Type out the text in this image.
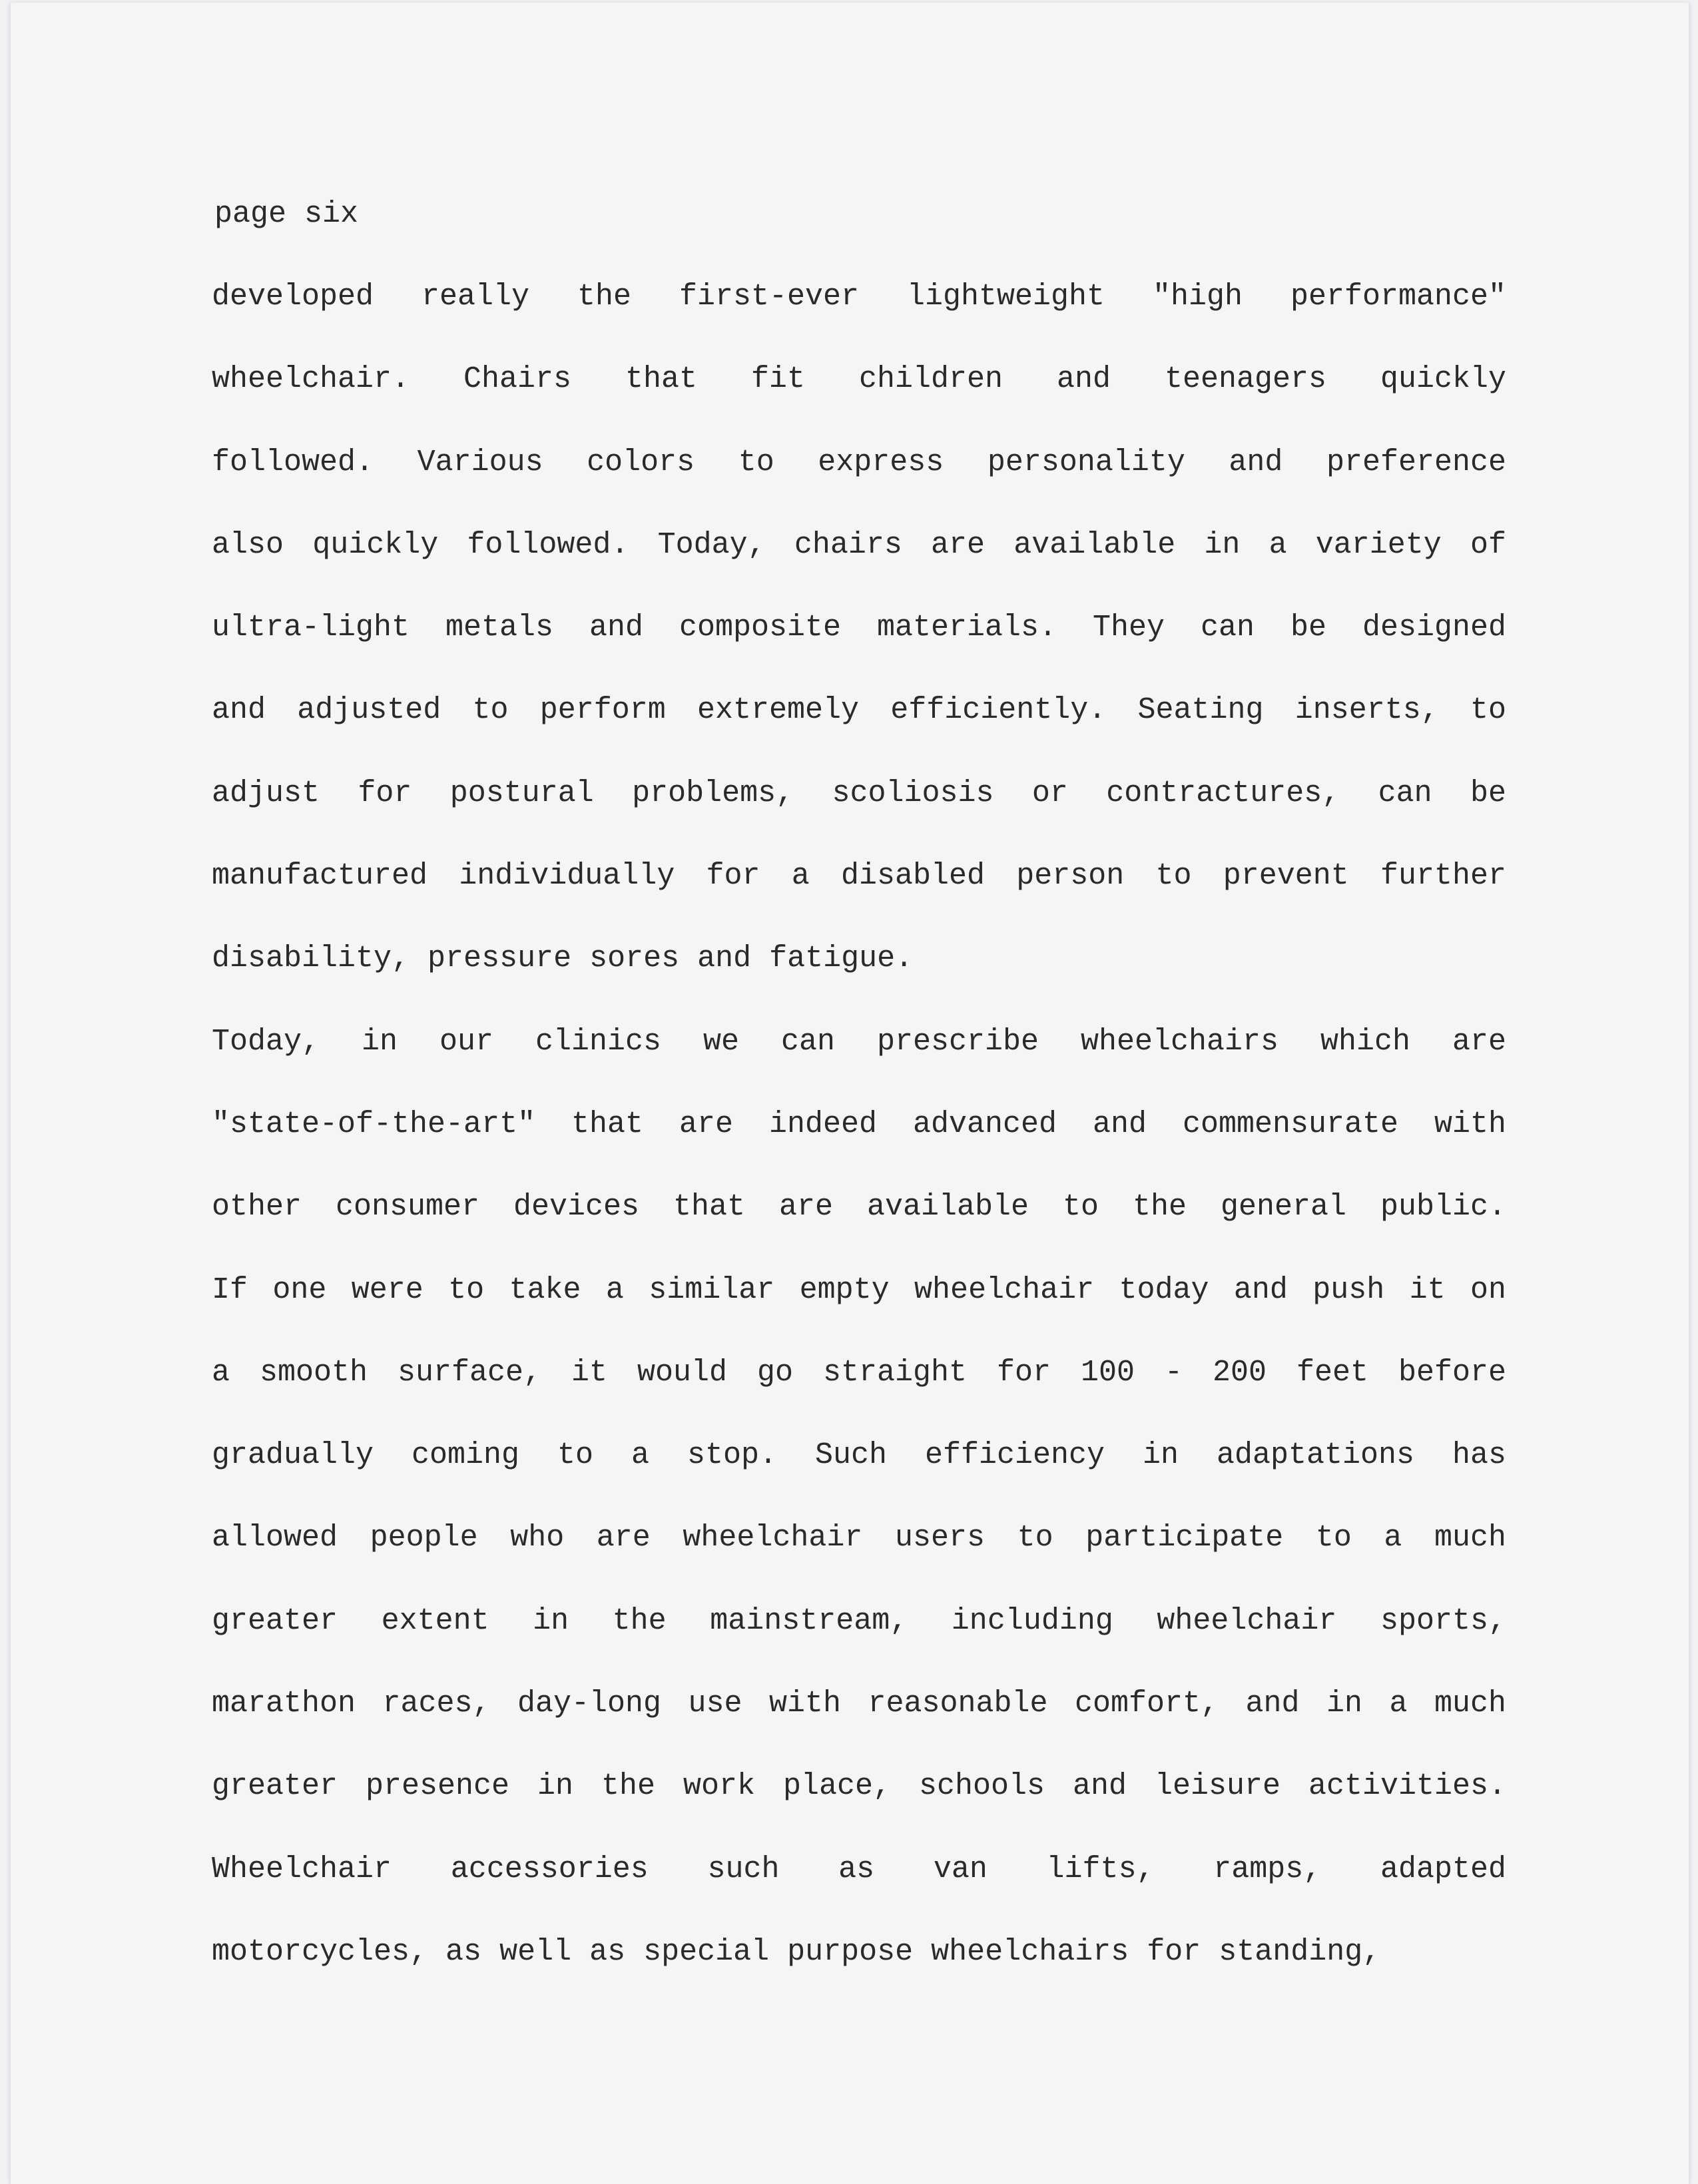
page six
developed really the first-ever lightweight "high performance"
wheelchair. Chairs that fit children and teenagers quickly
followed. Various colors to express personality and preference
also quickly followed. Today, chairs are available in a variety of
ultra-light metals and composite materials. They can be designed
and adjusted to perform extremely efficiently. Seating inserts, to
adjust for postural problems, scoliosis or contractures, can be
manufactured individually for a disabled person to prevent further
disability, pressure sores and fatigue.
Today, in our clinics we can prescribe wheelchairs which are
"state-of-the-art" that are indeed advanced and commensurate with
other consumer devices that are available to the general public.
If one were to take a similar empty wheelchair today and push it on
a smooth surface, it would go straight for 100 - 200 feet before
gradually coming to a stop. Such efficiency in adaptations has
allowed people who are wheelchair users to participate to a much
greater extent in the mainstream, including wheelchair sports,
marathon races, day-long use with reasonable comfort, and in a much
greater presence in the work place, schools and leisure activities.
Wheelchair accessories such as van lifts, ramps, adapted
motorcycles, as well as special purpose wheelchairs for standing,
